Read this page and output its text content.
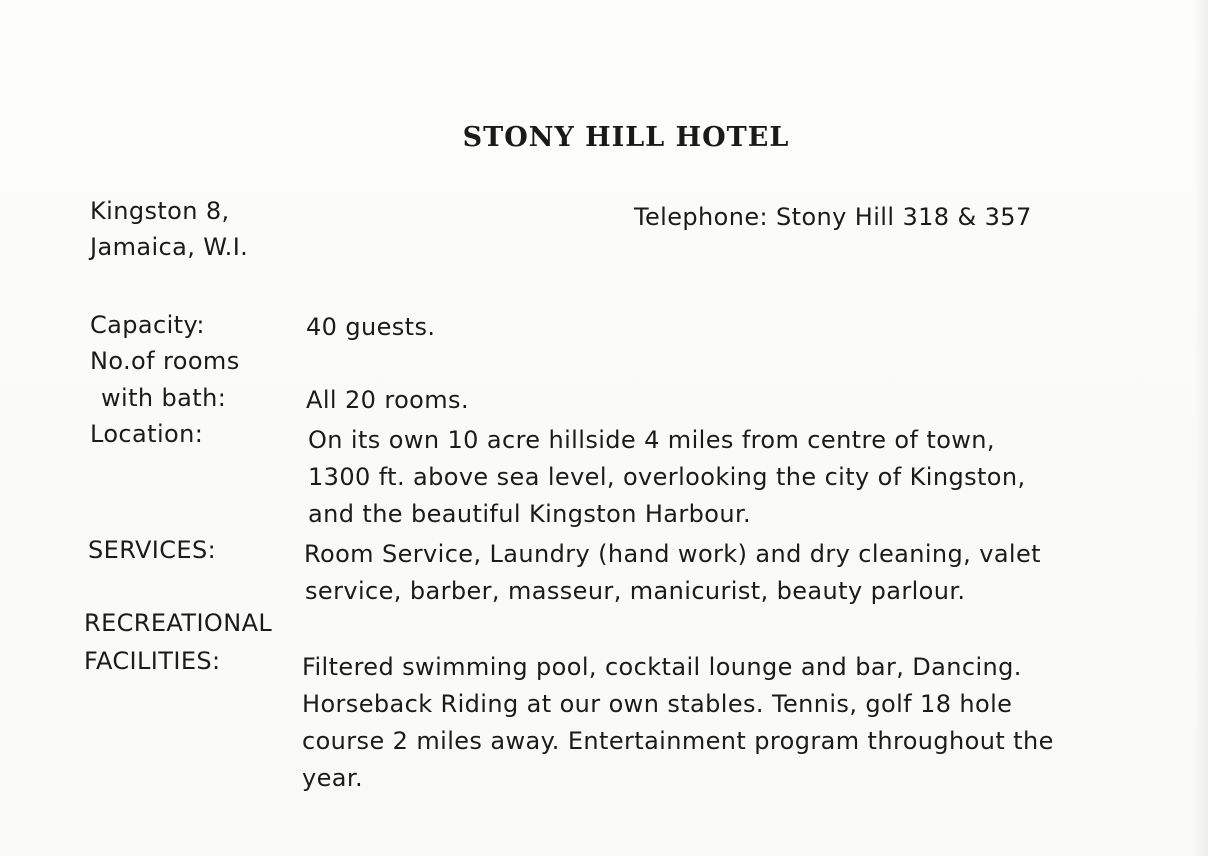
STONY HILL HOTEL
Kingston 8,
Jamaica, W.I.
Telephone: Stony Hill 318 & 357
Capacity:	40 guests.
No.of rooms
with bath:	All 20 rooms.
Location:	On its own 10 acre hillside 4 miles from centre of town,
1300 ft. above sea level, overlooking the city of Kingston,
and the beautiful Kingston Harbour.
SERVICES:	Room Service, Laundry (hand work) and dry cleaning, valet
service, barber, masseur, manicurist, beauty parlour.
RECREATIONAL
FACILITIES:	Filtered swimming pool, cocktail lounge and bar, Dancing.
Horseback Riding at our own stables. Tennis, golf 18 hole
course 2 miles away. Entertainment program throughout the
year.
